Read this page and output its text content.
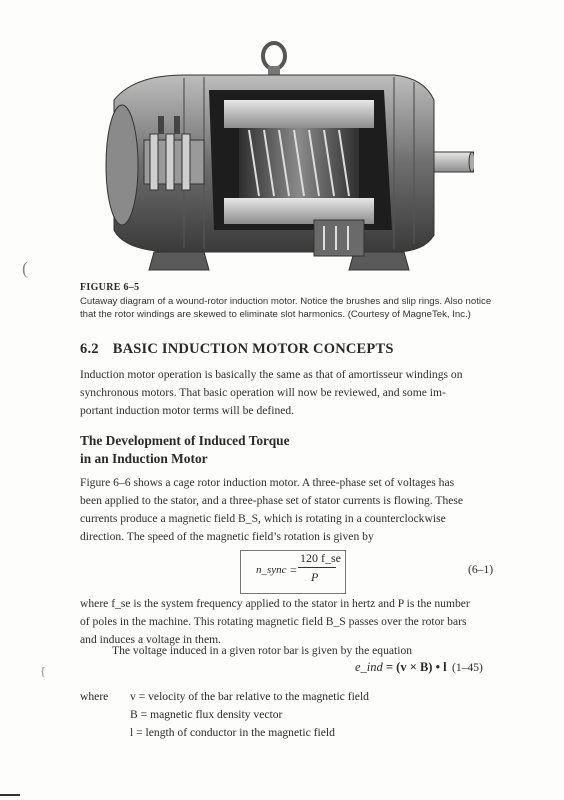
FIGURE 6–5
Cutaway diagram of a wound-rotor induction motor. Notice the brushes and slip rings. Also notice
that the rotor windings are skewed to eliminate slot harmonics. (Courtesy of MagneTek, Inc.)
6.2 BASIC INDUCTION MOTOR CONCEPTS
Induction motor operation is basically the same as that of amortisseur windings on
synchronous motors. That basic operation will now be reviewed, and some im-
portant induction motor terms will be defined.
The Development of Induced Torque
in an Induction Motor
Figure 6–6 shows a cage rotor induction motor. A three-phase set of voltages has
been applied to the stator, and a three-phase set of stator currents is flowing. These
currents produce a magnetic field B_S, which is rotating in a counterclockwise
direction. The speed of the magnetic field’s rotation is given by
n_sync =
120 f_se
P
(6–1)
where f_se is the system frequency applied to the stator in hertz and P is the number
of poles in the machine. This rotating magnetic field B_S passes over the rotor bars
and induces a voltage in them.
The voltage induced in a given rotor bar is given by the equation
e_ind = (v × B) • l (1–45)
where v = velocity of the bar relative to the magnetic field
B = magnetic flux density vector
l = length of conductor in the magnetic field
(
{
